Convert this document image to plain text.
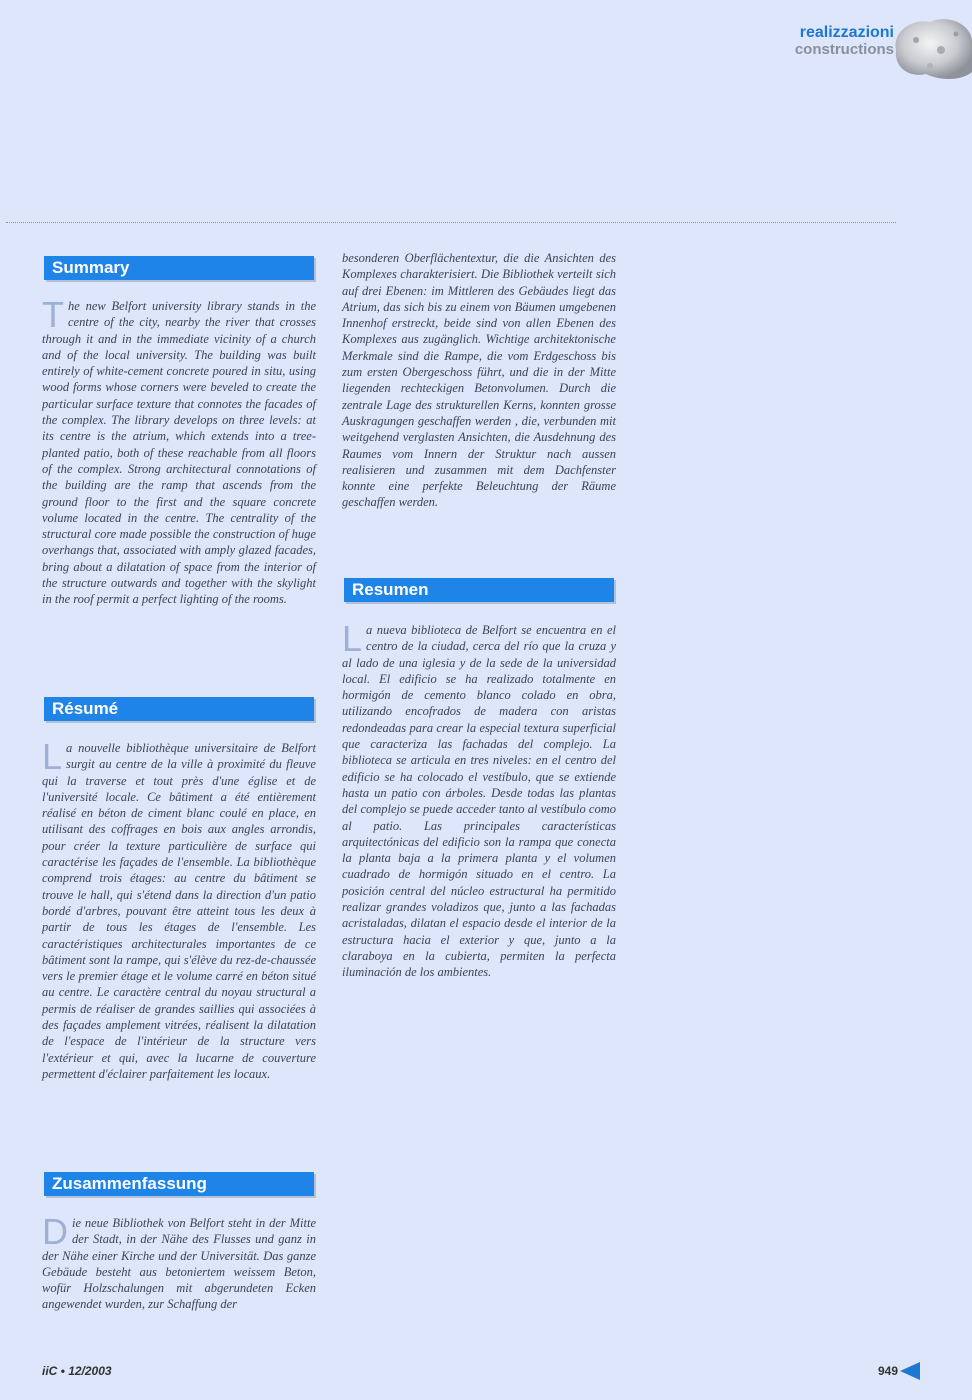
realizzazioni
constructions
Summary
The new Belfort university library stands in the centre of the city, nearby the river that crosses through it and in the immediate vicinity of a church and of the local university. The building was built entirely of white-cement concrete poured in situ, using wood forms whose corners were beveled to create the particular surface texture that connotes the facades of the complex. The library develops on three levels: at its centre is the atrium, which extends into a tree-planted patio, both of these reachable from all floors of the complex. Strong architectural connotations of the building are the ramp that ascends from the ground floor to the first and the square concrete volume located in the centre. The centrality of the structural core made possible the construction of huge overhangs that, associated with amply glazed facades, bring about a dilatation of space from the interior of the structure outwards and together with the skylight in the roof permit a perfect lighting of the rooms.
Résumé
La nouvelle bibliothèque universitaire de Belfort surgit au centre de la ville à proximité du fleuve qui la traverse et tout près d'une église et de l'université locale. Ce bâtiment a été entièrement réalisé en béton de ciment blanc coulé en place, en utilisant des coffrages en bois aux angles arrondis, pour créer la texture particulière de surface qui caractérise les façades de l'ensemble. La bibliothèque comprend trois étages: au centre du bâtiment se trouve le hall, qui s'étend dans la direction d'un patio bordé d'arbres, pouvant être atteint tous les deux à partir de tous les étages de l'ensemble. Les caractéristiques architecturales importantes de ce bâtiment sont la rampe, qui s'élève du rez-de-chaussée vers le premier étage et le volume carré en béton situé au centre. Le caractère central du noyau structural a permis de réaliser de grandes saillies qui associées à des façades amplement vitrées, réalisent la dilatation de l'espace de l'intérieur de la structure vers l'extérieur et qui, avec la lucarne de couverture permettent d'éclairer parfaitement les locaux.
Zusammenfassung
Die neue Bibliothek von Belfort steht in der Mitte der Stadt, in der Nähe des Flusses und ganz in der Nähe einer Kirche und der Universität. Das ganze Gebäude besteht aus betoniertem weissem Beton, wofür Holzschalungen mit abgerundeten Ecken angewendet wurden, zur Schaffung der
besonderen Oberflächentextur, die die Ansichten des Komplexes charakterisiert. Die Bibliothek verteilt sich auf drei Ebenen: im Mittleren des Gebäudes liegt das Atrium, das sich bis zu einem von Bäumen umgebenen Innenhof erstreckt, beide sind von allen Ebenen des Komplexes aus zugänglich. Wichtige architektonische Merkmale sind die Rampe, die vom Erdgeschoss bis zum ersten Obergeschoss führt, und die in der Mitte liegenden rechteckigen Betonvolumen. Durch die zentrale Lage des strukturellen Kerns, konnten grosse Auskragungen geschaffen werden , die, verbunden mit weitgehend verglasten Ansichten, die Ausdehnung des Raumes vom Innern der Struktur nach aussen realisieren und zusammen mit dem Dachfenster konnte eine perfekte Beleuchtung der Räume geschaffen werden.
Resumen
La nueva biblioteca de Belfort se encuentra en el centro de la ciudad, cerca del río que la cruza y al lado de una iglesia y de la sede de la universidad local. El edificio se ha realizado totalmente en hormigón de cemento blanco colado en obra, utilizando encofrados de madera con aristas redondeadas para crear la especial textura superficial que caracteriza las fachadas del complejo. La biblioteca se articula en tres niveles: en el centro del edificio se ha colocado el vestíbulo, que se extiende hasta un patio con árboles. Desde todas las plantas del complejo se puede acceder tanto al vestíbulo como al patio. Las principales características arquitectónicas del edificio son la rampa que conecta la planta baja a la primera planta y el volumen cuadrado de hormigón situado en el centro. La posición central del núcleo estructural ha permitido realizar grandes voladizos que, junto a las fachadas acristaladas, dilatan el espacio desde el interior de la estructura hacia el exterior y que, junto a la claraboya en la cubierta, permiten la perfecta iluminación de los ambientes.
iiC • 12/2003	949
